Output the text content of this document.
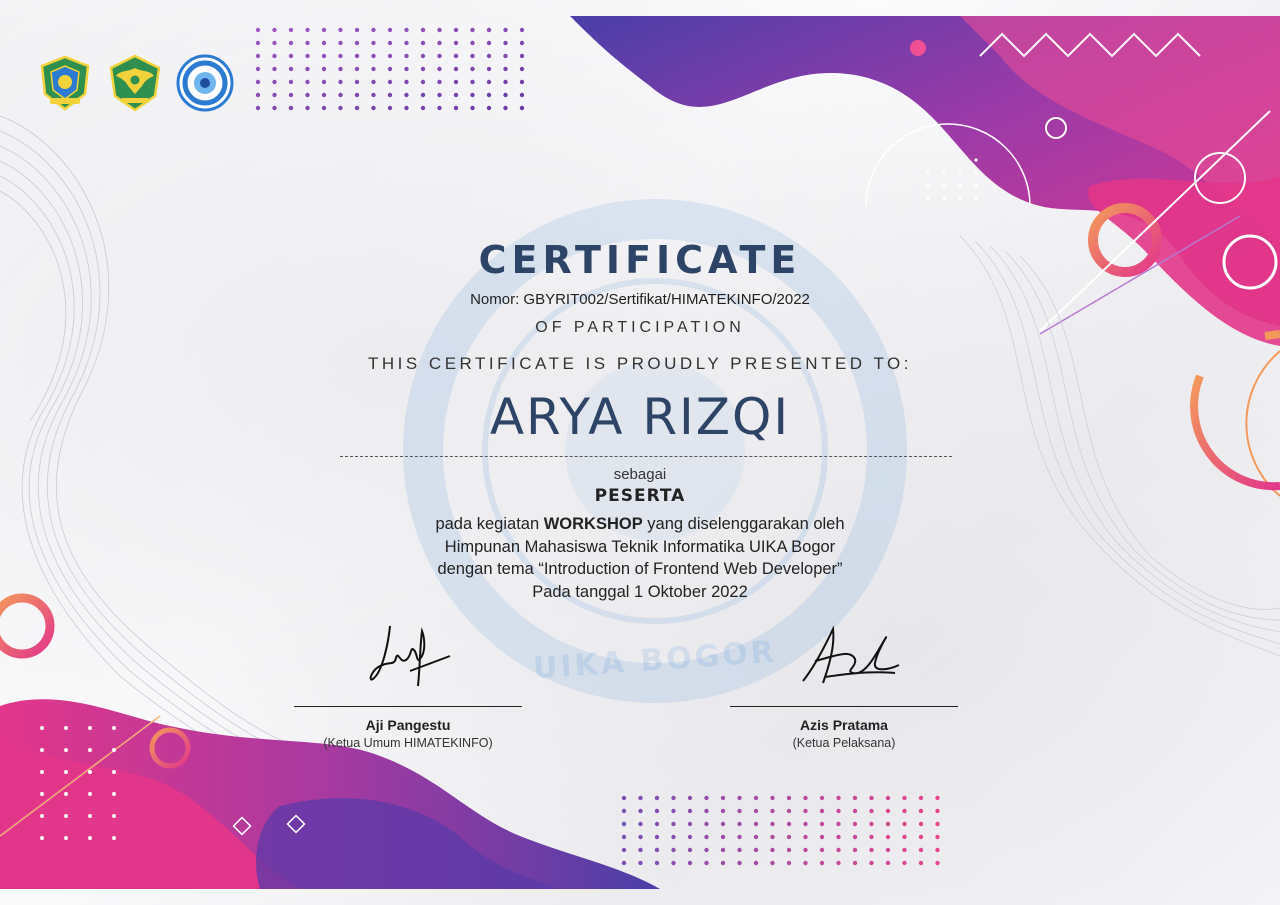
UIKA BOGOR
CERTIFICATE
Nomor: GBYRIT002/Sertifikat/HIMATEKINFO/2022
OF PARTICIPATION
THIS CERTIFICATE IS PROUDLY PRESENTED TO:
ARYA RIZQI
sebagai
PESERTA
pada kegiatan WORKSHOP yang diselenggarakan oleh
Himpunan Mahasiswa Teknik Informatika UIKA Bogor
dengan tema “Introduction of Frontend Web Developer”
Pada tanggal 1 Oktober 2022
Aji Pangestu
(Ketua Umum HIMATEKINFO)
Azis Pratama
(Ketua Pelaksana)
